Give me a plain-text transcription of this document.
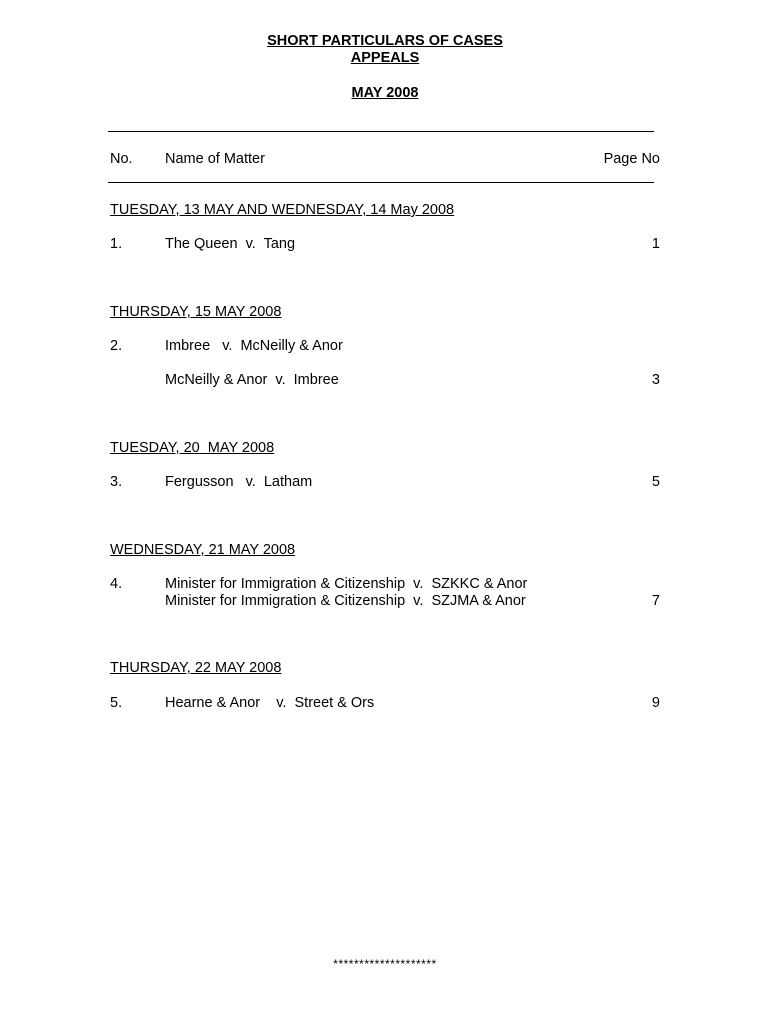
SHORT PARTICULARS OF CASES
APPEALS
MAY 2008
No. Name of Matter	Page No
TUESDAY, 13 MAY AND WEDNESDAY, 14 May 2008
1.	The Queen  v.  Tang	1
THURSDAY, 15 MAY 2008
2.	Imbree   v.  McNeilly & Anor
McNeilly & Anor  v.  Imbree	3
TUESDAY, 20  MAY 2008
3.	Fergusson   v.  Latham	5
WEDNESDAY, 21 MAY 2008
4.	Minister for Immigration & Citizenship  v.  SZKKC & Anor
Minister for Immigration & Citizenship  v.  SZJMA & Anor	7
THURSDAY, 22 MAY 2008
5.	Hearne & Anor    v.  Street & Ors	9
********************
